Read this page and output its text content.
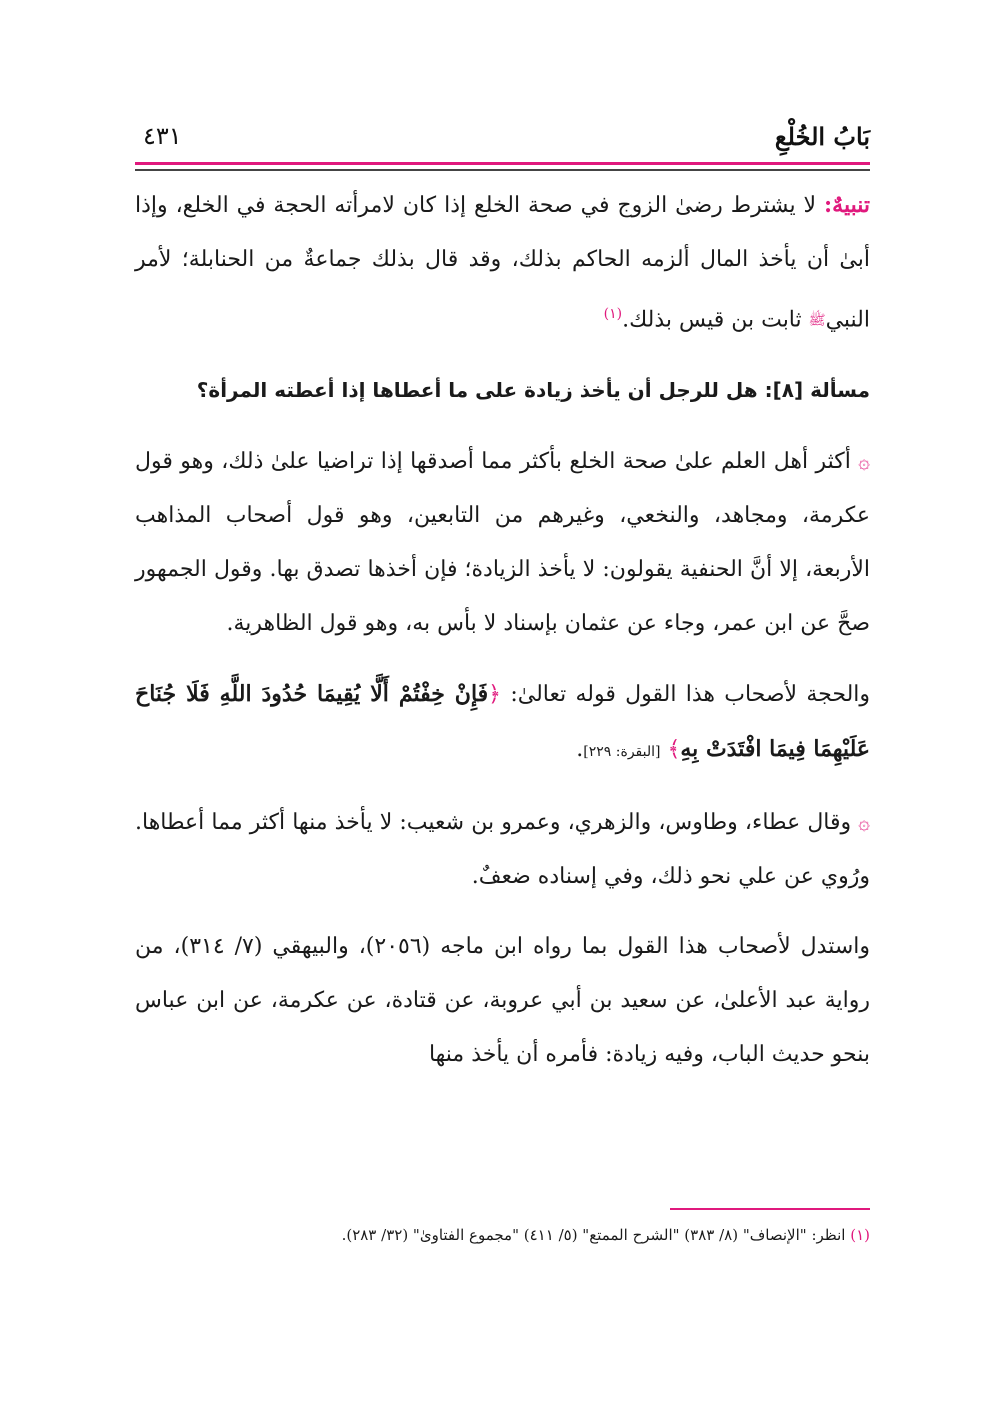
بَابُ الخُلْعِ
٤٣١

تنبيهٌ: لا يشترط رضىٰ الزوج في صحة الخلع إذا كان لامرأته الحجة في الخلع، وإذا أبىٰ أن يأخذ المال ألزمه الحاكم بذلك، وقد قال بذلك جماعةٌ من الحنابلة؛ لأمر النبيﷺ ثابت بن قيس بذلك.$^{(١)}$

مسألة [٨]: هل للرجل أن يأخذ زيادة على ما أعطاها إذا أعطته المرأة؟

۞ أكثر أهل العلم علىٰ صحة الخلع بأكثر مما أصدقها إذا تراضيا علىٰ ذلك، وهو قول عكرمة، ومجاهد، والنخعي، وغيرهم من التابعين، وهو قول أصحاب المذاهب الأربعة، إلا أنَّ الحنفية يقولون: لا يأخذ الزيادة؛ فإن أخذها تصدق بها. وقول الجمهور صحَّ عن ابن عمر، وجاء عن عثمان بإسناد لا بأس به، وهو قول الظاهرية.

والحجة لأصحاب هذا القول قوله تعالىٰ: ﴿فَإِنْ خِفْتُمْ أَلَّا يُقِيمَا حُدُودَ اللَّهِ فَلَا جُنَاحَ عَلَيْهِمَا فِيمَا افْتَدَتْ بِهِ﴾ [البقرة: ٢٢٩].

۞ وقال عطاء، وطاوس، والزهري، وعمرو بن شعيب: لا يأخذ منها أكثر مما أعطاها. ورُوي عن علي نحو ذلك، وفي إسناده ضعفٌ.

واستدل لأصحاب هذا القول بما رواه ابن ماجه (٢٠٥٦)، والبيهقي (٧/ ٣١٤)، من رواية عبد الأعلىٰ، عن سعيد بن أبي عروبة، عن قتادة، عن عكرمة، عن ابن عباس بنحو حديث الباب، وفيه زيادة: فأمره أن يأخذ منها

(١) انظر: "الإنصاف" (٨/ ٣٨٣) "الشرح الممتع" (٥/ ٤١١) "مجموع الفتاوىٰ" (٣٢/ ٢٨٣).
